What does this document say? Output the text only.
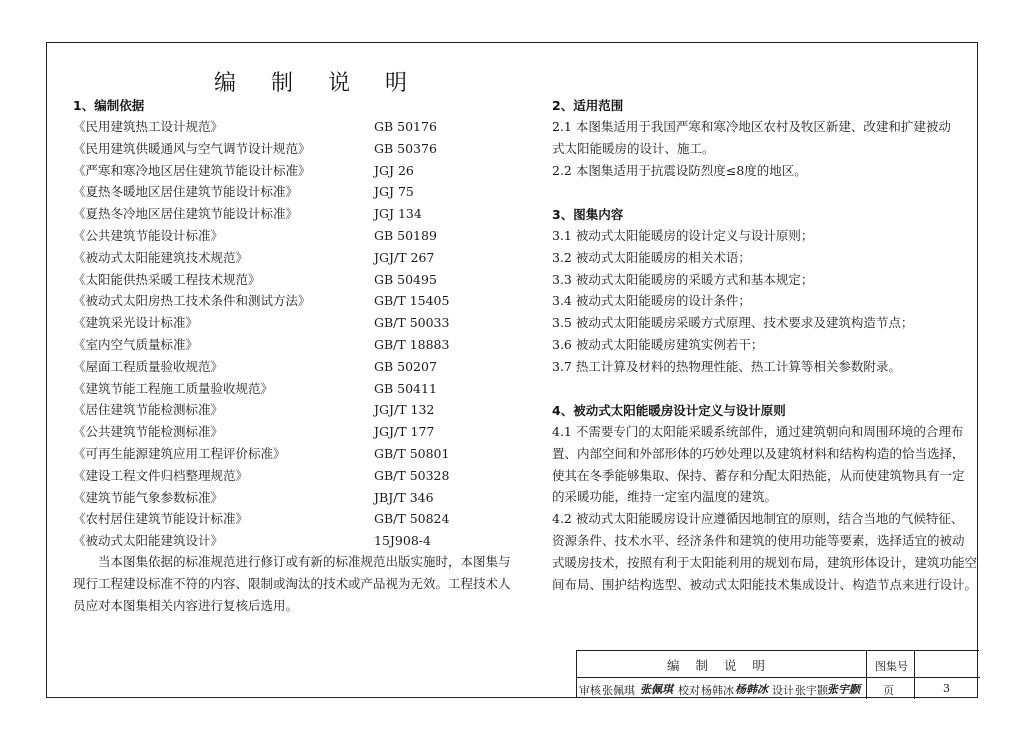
编 制 说 明
1、编制依据
《民用建筑热工设计规范》	GB 50176
《民用建筑供暖通风与空气调节设计规范》	GB 50376
《严寒和寒冷地区居住建筑节能设计标准》	JGJ 26
《夏热冬暖地区居住建筑节能设计标准》	JGJ 75
《夏热冬冷地区居住建筑节能设计标准》	JGJ 134
《公共建筑节能设计标准》	GB 50189
《被动式太阳能建筑技术规范》	JGJ/T 267
《太阳能供热采暖工程技术规范》	GB 50495
《被动式太阳房热工技术条件和测试方法》	GB/T 15405
《建筑采光设计标准》	GB/T 50033
《室内空气质量标准》	GB/T 18883
《屋面工程质量验收规范》	GB 50207
《建筑节能工程施工质量验收规范》	GB 50411
《居住建筑节能检测标准》	JGJ/T 132
《公共建筑节能检测标准》	JGJ/T 177
《可再生能源建筑应用工程评价标准》	GB/T 50801
《建设工程文件归档整理规范》	GB/T 50328
《建筑节能气象参数标准》	JBJ/T 346
《农村居住建筑节能设计标准》	GB/T 50824
《被动式太阳能建筑设计》	15J908-4
当本图集依据的标准规范进行修订或有新的标准规范出版实施时，本图集与现行工程建设标准不符的内容、限制或淘汰的技术或产品视为无效。工程技术人员应对本图集相关内容进行复核后选用。
2、适用范围
2.1 本图集适用于我国严寒和寒冷地区农村及牧区新建、改建和扩建被动
式太阳能暖房的设计、施工。
2.2 本图集适用于抗震设防烈度≤8度的地区。
3、图集内容
3.1 被动式太阳能暖房的设计定义与设计原则；
3.2 被动式太阳能暖房的相关术语；
3.3 被动式太阳能暖房的采暖方式和基本规定；
3.4 被动式太阳能暖房的设计条件；
3.5 被动式太阳能暖房采暖方式原理、技术要求及建筑构造节点；
3.6 被动式太阳能暖房建筑实例若干；
3.7 热工计算及材料的热物理性能、热工计算等相关参数附录。
4、被动式太阳能暖房设计定义与设计原则
4.1 不需要专门的太阳能采暖系统部件，通过建筑朝向和周围环境的合理布
置、内部空间和外部形体的巧妙处理以及建筑材料和结构构造的恰当选择，
使其在冬季能够集取、保持、蓄存和分配太阳热能，从而使建筑物具有一定
的采暖功能，维持一定室内温度的建筑。
4.2 被动式太阳能暖房设计应遵循因地制宜的原则，结合当地的气候特征、
资源条件、技术水平、经济条件和建筑的使用功能等要素，选择适宜的被动
式暖房技术，按照有利于太阳能利用的规划布局，建筑形体设计，建筑功能空
间布局、围护结构选型、被动式太阳能技术集成设计、构造节点来进行设计。
编 制 说 明	图集号
审核 张佩琪 张佩琪 校对 杨韩冰 杨韩冰 设计 张宇颢 张宇颢 页	3
